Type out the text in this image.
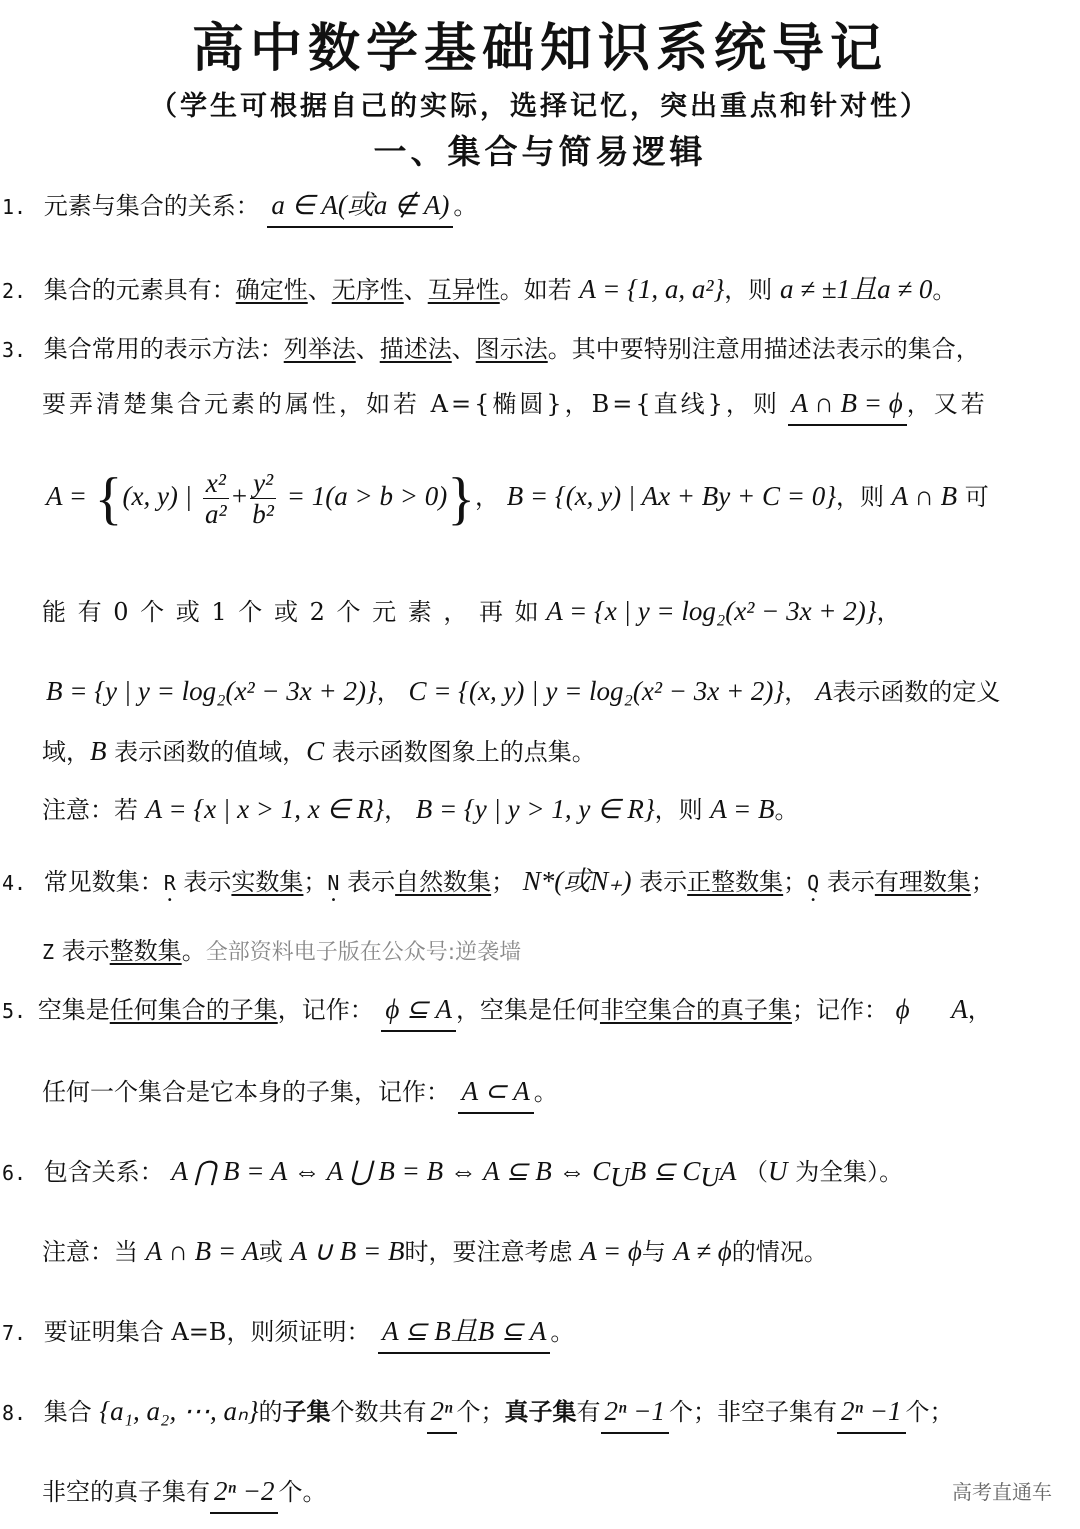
高中数学基础知识系统导记
（学生可根据自己的实际，选择记忆，突出重点和针对性）
一、集合与简易逻辑
1. 元素与集合的关系： a ∈ A(或a ∉ A) 。
2. 集合的元素具有：确定性、无序性、互异性。如若 A = {1, a, a²}，则 a ≠ ±1且a ≠ 0。
3. 集合常用的表示方法：列举法、描述法、图示法。其中要特别注意用描述法表示的集合，
要弄清楚集合元素的属性，如若 A={椭圆}，B={直线}，则 A ∩ B = ϕ ，又若
A = {(x, y) | $\frac{\text{x²}}{\text{a²}} + \frac{\text{y²}}{\text{b²}} = 1(a > b > 0)$}， B = {(x, y) | Ax + By + C = 0}，则 A ∩ B 可
能 有 0 个 或 1 个 或 2 个 元 素 ， 再 如 A = {x | y = log₂(x² − 3x + 2)}，
B = {y | y = log₂(x² − 3x + 2)}， C = {(x, y) | y = log₂(x² − 3x + 2)}， A表示函数的定义
域，B 表示函数的值域，C 表示函数图象上的点集。
注意：若 A = {x | x > 1, x ∈ R}， B = {y | y > 1, y ∈ R}，则 A = B。
4. 常见数集：R 表示实数集；N 表示自然数集； N*(或N₊) 表示正整数集；Q 表示有理数集；
Z 表示整数集。全部资料电子版在公众号:逆袭墙
5. 空集是任何集合的子集，记作： ϕ ⊆ A ，空集是任何非空集合的真子集；记作： ϕ A，
任何一个集合是它本身的子集，记作： A ⊂ A 。
6. 包含关系： A ⋂ B = A ⇔ A ⋃ B = B ⇔ A ⊆ B ⇔ $C_UB$ ⊆ $C_UA$ （U 为全集）。
注意：当 A ∩ B = A或 A ∪ B = B时，要注意考虑 A = ϕ与 A ≠ ϕ的情况。
7. 要证明集合 A=B，则须证明： A ⊆ B且B ⊆ A 。
8. 集合 {a₁, a₂, ⋯, aₙ}的子集个数共有 2ⁿ 个；真子集有 2ⁿ −1 个；非空子集有 2ⁿ −1 个；
非空的真子集有 2ⁿ −2 个。	高考直通车
